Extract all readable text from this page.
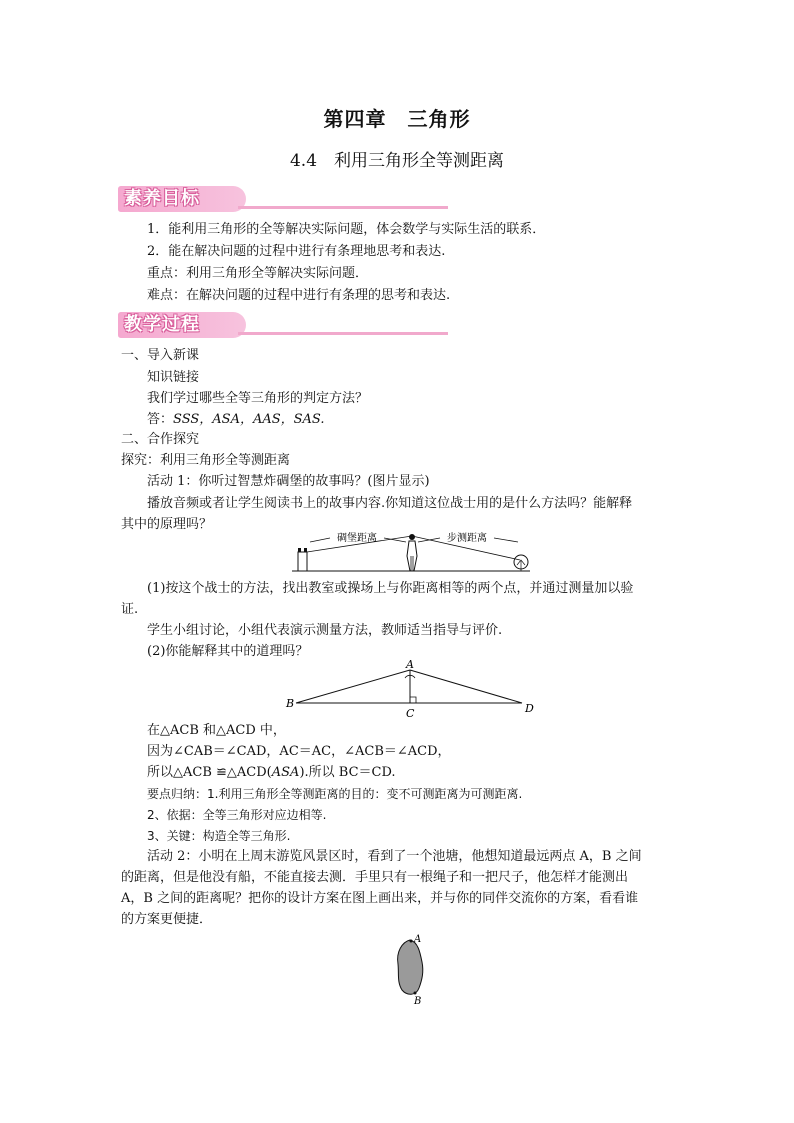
第四章　三角形
4.4　利用三角形全等测距离
素养目标
1．能利用三角形的全等解决实际问题，体会数学与实际生活的联系．
2．能在解决问题的过程中进行有条理地思考和表达.
重点：利用三角形全等解决实际问题．
难点：在解决问题的过程中进行有条理的思考和表达.
教学过程
一、导入新课
知识链接
我们学过哪些全等三角形的判定方法？
答：SSS，ASA，AAS，SAS.
二、合作探究
探究：利用三角形全等测距离
活动 1：你听过智慧炸碉堡的故事吗？(图片显示)
播放音频或者让学生阅读书上的故事内容.你知道这位战士用的是什么方法吗？能解释
其中的原理吗？
碉堡距离	步测距离
(1)按这个战士的方法，找出教室或操场上与你距离相等的两个点，并通过测量加以验
证.
学生小组讨论，小组代表演示测量方法，教师适当指导与评价.
(2)你能解释其中的道理吗？
A
B
C	D
在△ACB 和△ACD 中，
因为∠CAB＝∠CAD，AC＝AC，∠ACB＝∠ACD，
所以△ACB ≌△ACD(ASA).所以 BC＝CD.
要点归纳：1.利用三角形全等测距离的目的：变不可测距离为可测距离.
2、依据：全等三角形对应边相等.
3、关键：构造全等三角形.
活动 2：小明在上周末游览风景区时，看到了一个池塘，他想知道最远两点 A，B 之间
的距离，但是他没有船，不能直接去测．手里只有一根绳子和一把尺子，他怎样才能测出
A，B 之间的距离呢？把你的设计方案在图上画出来，并与你的同伴交流你的方案，看看谁
的方案更便捷．
A
B
